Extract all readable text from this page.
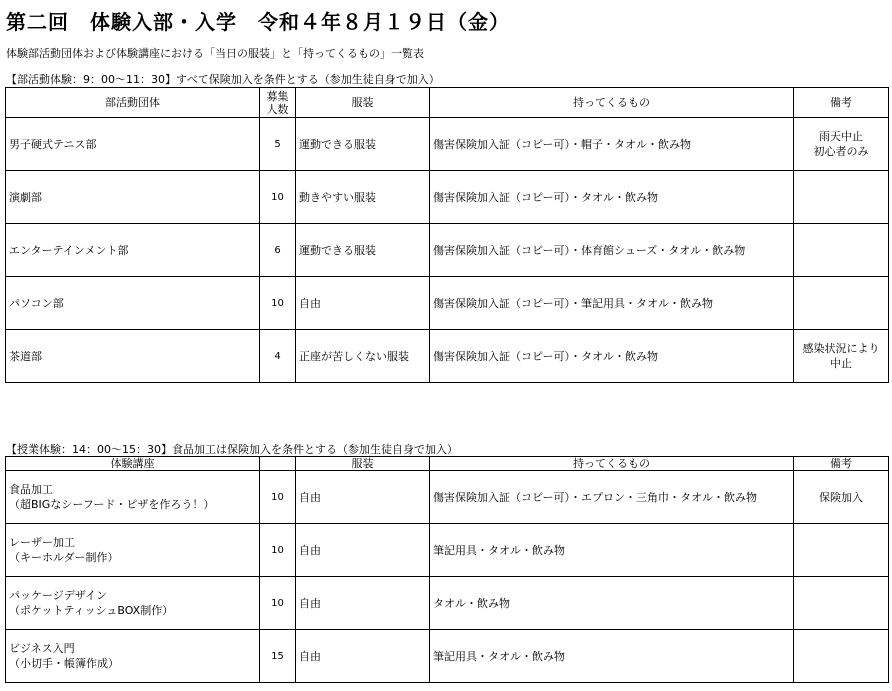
第二回　体験入部・入学　令和４年８月１９日（金）
体験部活動団体および体験講座における「当日の服装」と「持ってくるもの」一覧表
【部活動体験：9：00～11：30】すべて保険加入を条件とする（参加生徒自身で加入）
部活動団体	募集人数	服装	持ってくるもの	備考
男子硬式テニス部	5	運動できる服装	傷害保険加入証（コピー可）・帽子・タオル・飲み物	雨天中止
初心者のみ
演劇部	10	動きやすい服装	傷害保険加入証（コピー可）・タオル・飲み物	
エンターテインメント部	6	運動できる服装	傷害保険加入証（コピー可）・体育館シューズ・タオル・飲み物	
パソコン部	10	自由	傷害保険加入証（コピー可）・筆記用具・タオル・飲み物	
茶道部	4	正座が苦しくない服装	傷害保険加入証（コピー可）・タオル・飲み物	感染状況により
中止
【授業体験：14：00～15：30】食品加工は保険加入を条件とする（参加生徒自身で加入）
体験講座		服装	持ってくるもの	備考
食品加工
（超BIGなシーフード・ピザを作ろう！）	10	自由	傷害保険加入証（コピー可）・エプロン・三角巾・タオル・飲み物	保険加入
レーザー加工
（キーホルダー制作）	10	自由	筆記用具・タオル・飲み物	
パッケージデザイン
（ポケットティッシュBOX制作）	10	自由	タオル・飲み物	
ビジネス入門
（小切手・帳簿作成）	15	自由	筆記用具・タオル・飲み物	
